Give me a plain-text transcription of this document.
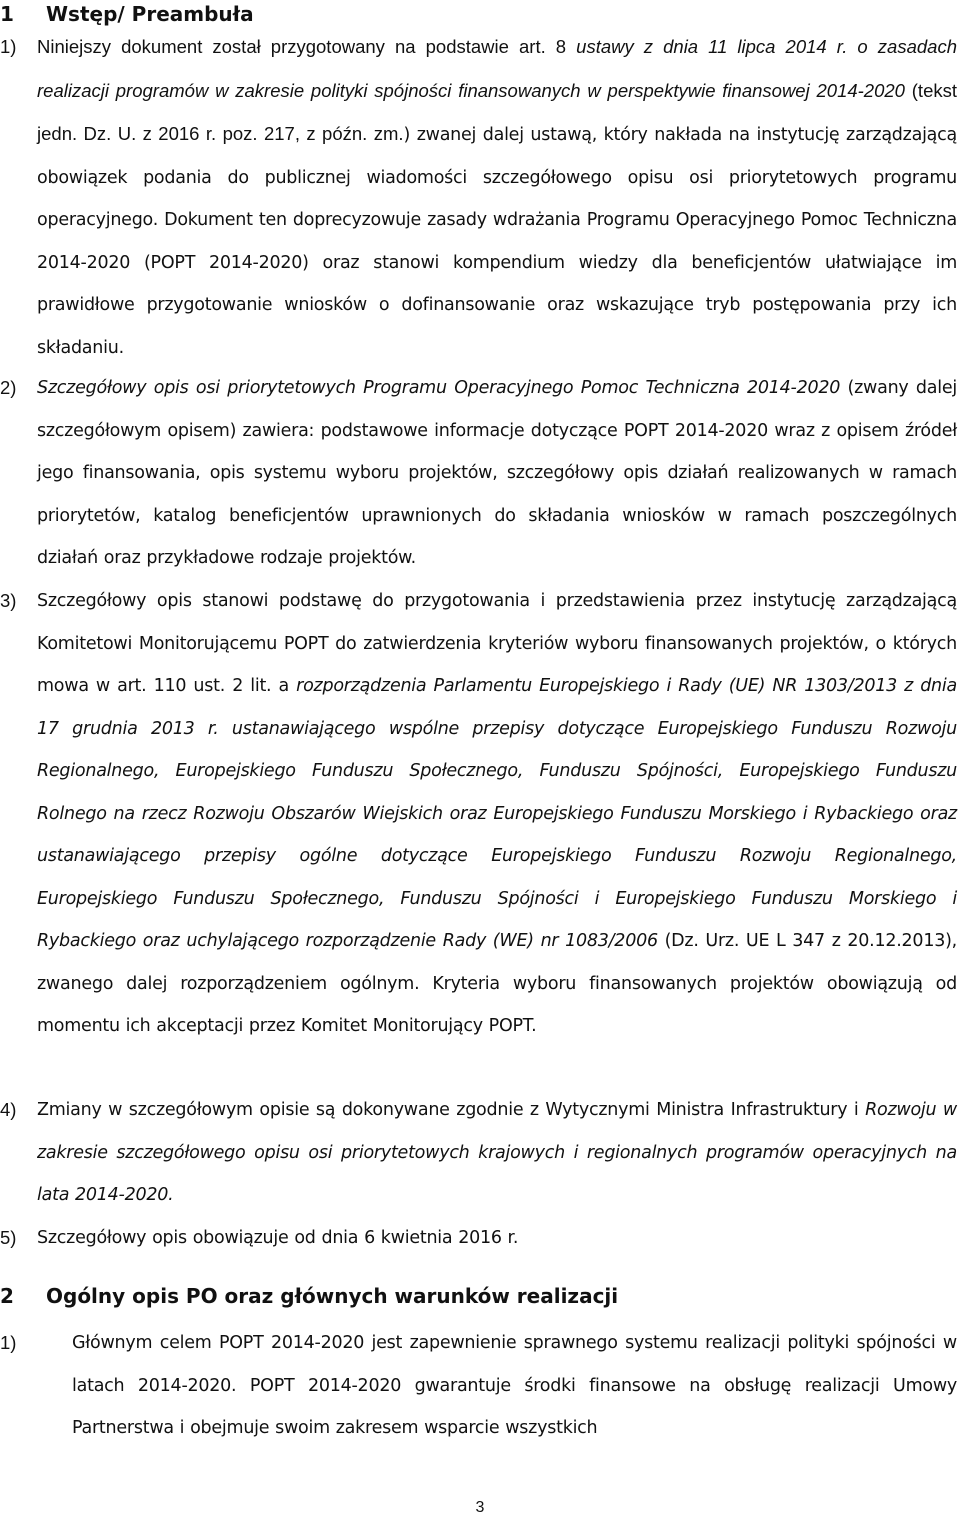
1 Wstęp/ Preambuła
1) Niniejszy dokument został przygotowany na podstawie art. 8 ustawy z dnia 11 lipca 2014 r. o zasadach realizacji programów w zakresie polityki spójności finansowanych w perspektywie finansowej 2014-2020 (tekst jedn. Dz. U. z 2016 r. poz. 217, z późn. zm.) zwanej dalej ustawą, który nakłada na instytucję zarządzającą obowiązek podania do publicznej wiadomości szczegółowego opisu osi priorytetowych programu operacyjnego. Dokument ten doprecyzowuje zasady wdrażania Programu Operacyjnego Pomoc Techniczna 2014-2020 (POPT 2014-2020) oraz stanowi kompendium wiedzy dla beneficjentów ułatwiające im prawidłowe przygotowanie wniosków o dofinansowanie oraz wskazujące tryb postępowania przy ich składaniu.
2) Szczegółowy opis osi priorytetowych Programu Operacyjnego Pomoc Techniczna 2014-2020 (zwany dalej szczegółowym opisem) zawiera: podstawowe informacje dotyczące POPT 2014-2020 wraz z opisem źródeł jego finansowania, opis systemu wyboru projektów, szczegółowy opis działań realizowanych w ramach priorytetów, katalog beneficjentów uprawnionych do składania wniosków w ramach poszczególnych działań oraz przykładowe rodzaje projektów.
3) Szczegółowy opis stanowi podstawę do przygotowania i przedstawienia przez instytucję zarządzającą Komitetowi Monitorującemu POPT do zatwierdzenia kryteriów wyboru finansowanych projektów, o których mowa w art. 110 ust. 2 lit. a rozporządzenia Parlamentu Europejskiego i Rady (UE) NR 1303/2013 z dnia 17 grudnia 2013 r. ustanawiającego wspólne przepisy dotyczące Europejskiego Funduszu Rozwoju Regionalnego, Europejskiego Funduszu Społecznego, Funduszu Spójności, Europejskiego Funduszu Rolnego na rzecz Rozwoju Obszarów Wiejskich oraz Europejskiego Funduszu Morskiego i Rybackiego oraz ustanawiającego przepisy ogólne dotyczące Europejskiego Funduszu Rozwoju Regionalnego, Europejskiego Funduszu Społecznego, Funduszu Spójności i Europejskiego Funduszu Morskiego i Rybackiego oraz uchylającego rozporządzenie Rady (WE) nr 1083/2006 (Dz. Urz. UE L 347 z 20.12.2013), zwanego dalej rozporządzeniem ogólnym. Kryteria wyboru finansowanych projektów obowiązują od momentu ich akceptacji przez Komitet Monitorujący POPT.
4) Zmiany w szczegółowym opisie są dokonywane zgodnie z Wytycznymi Ministra Infrastruktury i Rozwoju w zakresie szczegółowego opisu osi priorytetowych krajowych i regionalnych programów operacyjnych na lata 2014-2020.
5) Szczegółowy opis obowiązuje od dnia 6 kwietnia 2016 r.
2 Ogólny opis PO oraz głównych warunków realizacji
1)	Głównym celem POPT 2014-2020 jest zapewnienie sprawnego systemu realizacji polityki spójności w latach 2014-2020. POPT 2014-2020 gwarantuje środki finansowe na obsługę realizacji Umowy Partnerstwa i obejmuje swoim zakresem wsparcie wszystkich
3
